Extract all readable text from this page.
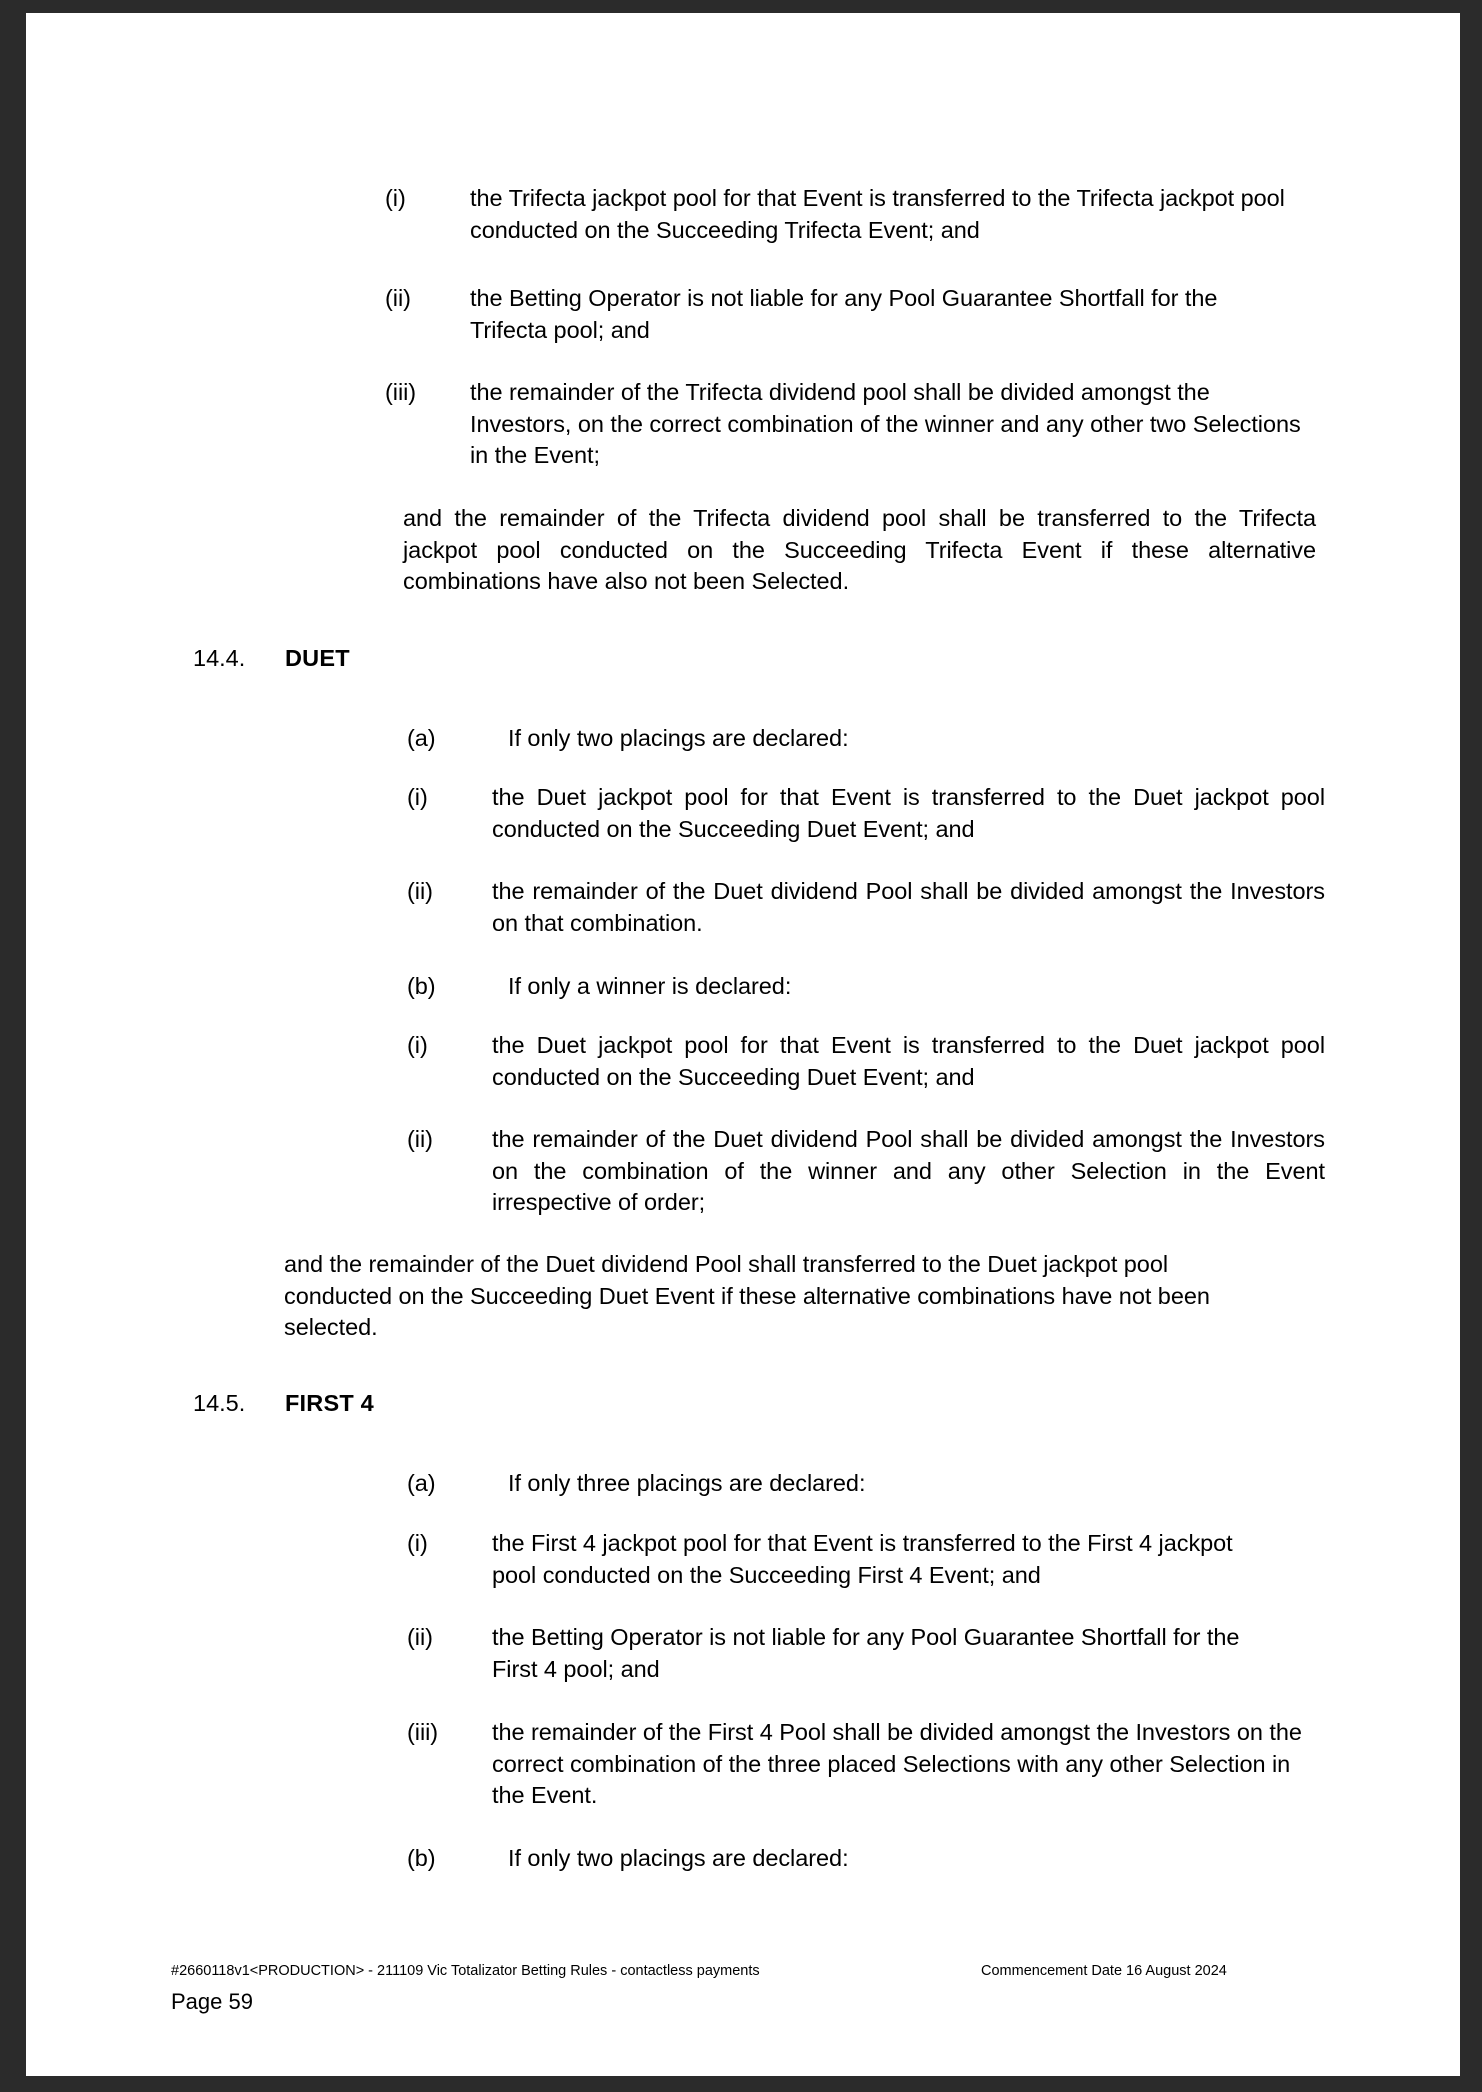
(i)	the Trifecta jackpot pool for that Event is transferred to the Trifecta jackpot pool conducted on the Succeeding Trifecta Event; and
(ii)	the Betting Operator is not liable for any Pool Guarantee Shortfall for the Trifecta pool; and
(iii)	the remainder of the Trifecta dividend pool shall be divided amongst the Investors, on the correct combination of the winner and any other two Selections in the Event;
and the remainder of the Trifecta dividend pool shall be transferred to the Trifecta jackpot pool conducted on the Succeeding Trifecta Event if these alternative combinations have also not been Selected.
14.4.	DUET
(a)	If only two placings are declared:
(i)	the Duet jackpot pool for that Event is transferred to the Duet jackpot pool conducted on the Succeeding Duet Event; and
(ii)	the remainder of the Duet dividend Pool shall be divided amongst the Investors on that combination.
(b)	If only a winner is declared:
(i)	the Duet jackpot pool for that Event is transferred to the Duet jackpot pool conducted on the Succeeding Duet Event; and
(ii)	the remainder of the Duet dividend Pool shall be divided amongst the Investors on the combination of the winner and any other Selection in the Event irrespective of order;
and the remainder of the Duet dividend Pool shall transferred to the Duet jackpot pool conducted on the Succeeding Duet Event if these alternative combinations have not been selected.
14.5.	FIRST 4
(a)	If only three placings are declared:
(i)	the First 4 jackpot pool for that Event is transferred to the First 4 jackpot pool conducted on the Succeeding First 4 Event; and
(ii)	the Betting Operator is not liable for any Pool Guarantee Shortfall for the First 4 pool; and
(iii)	the remainder of the First 4 Pool shall be divided amongst the Investors on the correct combination of the three placed Selections with any other Selection in the Event.
(b)	If only two placings are declared:
#2660118v1<PRODUCTION> - 211109 Vic Totalizator Betting Rules - contactless payments	Commencement Date 16 August 2024
Page 59
